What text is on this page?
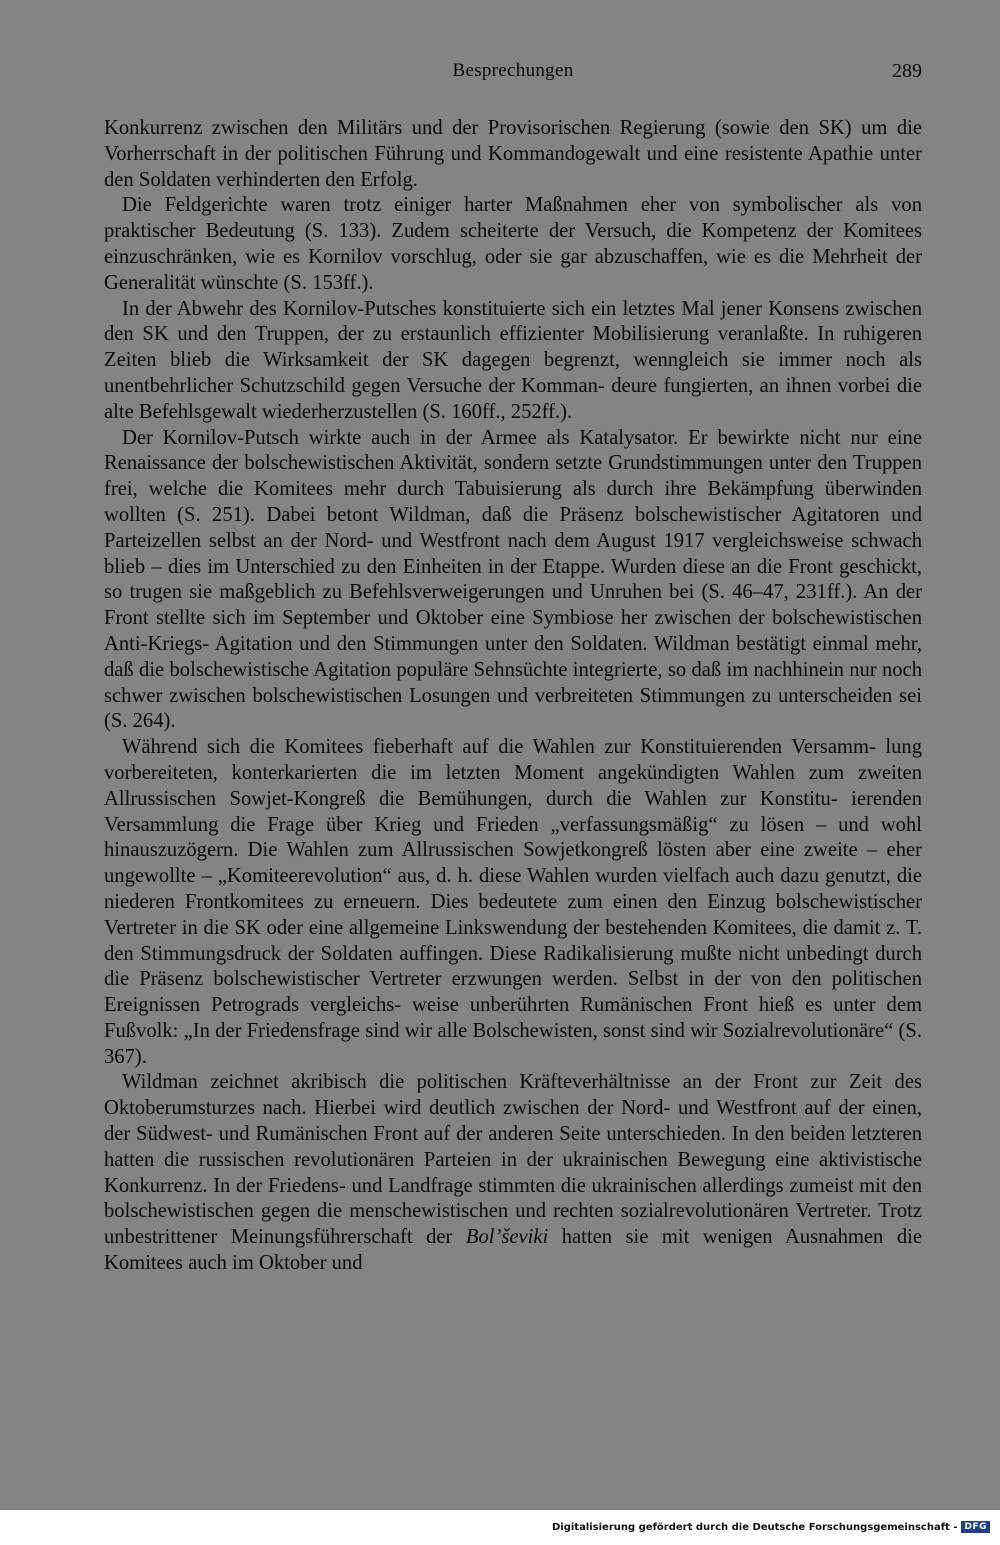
Besprechungen	289

Konkurrenz zwischen den Militärs und der Provisorischen Regierung (sowie den SK) um die Vorherrschaft in der politischen Führung und Kommandogewalt und eine resistente Apathie unter den Soldaten verhinderten den Erfolg.

Die Feldgerichte waren trotz einiger harter Maßnahmen eher von symbolischer als von praktischer Bedeutung (S. 133). Zudem scheiterte der Versuch, die Kompetenz der Komitees einzuschränken, wie es Kornilov vorschlug, oder sie gar abzuschaffen, wie es die Mehrheit der Generalität wünschte (S. 153ff.).

In der Abwehr des Kornilov-Putsches konstituierte sich ein letztes Mal jener Konsens zwischen den SK und den Truppen, der zu erstaunlich effizienter Mobilisierung veranlaßte. In ruhigeren Zeiten blieb die Wirksamkeit der SK dagegen begrenzt, wenngleich sie immer noch als unentbehrlicher Schutzschild gegen Versuche der Komman- deure fungierten, an ihnen vorbei die alte Befehlsgewalt wiederherzustellen (S. 160ff., 252ff.).

Der Kornilov-Putsch wirkte auch in der Armee als Katalysator. Er bewirkte nicht nur eine Renaissance der bolschewistischen Aktivität, sondern setzte Grundstimmungen unter den Truppen frei, welche die Komitees mehr durch Tabuisierung als durch ihre Bekämpfung überwinden wollten (S. 251). Dabei betont Wildman, daß die Präsenz bolschewistischer Agitatoren und Parteizellen selbst an der Nord- und Westfront nach dem August 1917 vergleichsweise schwach blieb – dies im Unterschied zu den Einheiten in der Etappe. Wurden diese an die Front geschickt, so trugen sie maßgeblich zu Befehlsverweigerungen und Unruhen bei (S. 46–47, 231ff.). An der Front stellte sich im September und Oktober eine Symbiose her zwischen der bolschewistischen Anti-Kriegs- Agitation und den Stimmungen unter den Soldaten. Wildman bestätigt einmal mehr, daß die bolschewistische Agitation populäre Sehnsüchte integrierte, so daß im nachhinein nur noch schwer zwischen bolschewistischen Losungen und verbreiteten Stimmungen zu unterscheiden sei (S. 264).

Während sich die Komitees fieberhaft auf die Wahlen zur Konstituierenden Versamm- lung vorbereiteten, konterkarierten die im letzten Moment angekündigten Wahlen zum zweiten Allrussischen Sowjet-Kongreß die Bemühungen, durch die Wahlen zur Konstitu- ierenden Versammlung die Frage über Krieg und Frieden „verfassungsmäßig“ zu lösen – und wohl hinauszuzögern. Die Wahlen zum Allrussischen Sowjetkongreß lösten aber eine zweite – eher ungewollte – „Komiteerevolution“ aus, d. h. diese Wahlen wurden vielfach auch dazu genutzt, die niederen Frontkomitees zu erneuern. Dies bedeutete zum einen den Einzug bolschewistischer Vertreter in die SK oder eine allgemeine Linkswendung der bestehenden Komitees, die damit z. T. den Stimmungsdruck der Soldaten auffingen. Diese Radikalisierung mußte nicht unbedingt durch die Präsenz bolschewistischer Vertreter erzwungen werden. Selbst in der von den politischen Ereignissen Petrograds vergleichs- weise unberührten Rumänischen Front hieß es unter dem Fußvolk: „In der Friedensfrage sind wir alle Bolschewisten, sonst sind wir Sozialrevolutionäre“ (S. 367).

Wildman zeichnet akribisch die politischen Kräfteverhältnisse an der Front zur Zeit des Oktoberumsturzes nach. Hierbei wird deutlich zwischen der Nord- und Westfront auf der einen, der Südwest- und Rumänischen Front auf der anderen Seite unterschieden. In den beiden letzteren hatten die russischen revolutionären Parteien in der ukrainischen Bewegung eine aktivistische Konkurrenz. In der Friedens- und Landfrage stimmten die ukrainischen allerdings zumeist mit den bolschewistischen gegen die menschewistischen und rechten sozialrevolutionären Vertreter. Trotz unbestrittener Meinungsführerschaft der Bol’ševiki hatten sie mit wenigen Ausnahmen die Komitees auch im Oktober und

Digitalisierung gefördert durch die Deutsche Forschungsgemeinschaft - DFG
